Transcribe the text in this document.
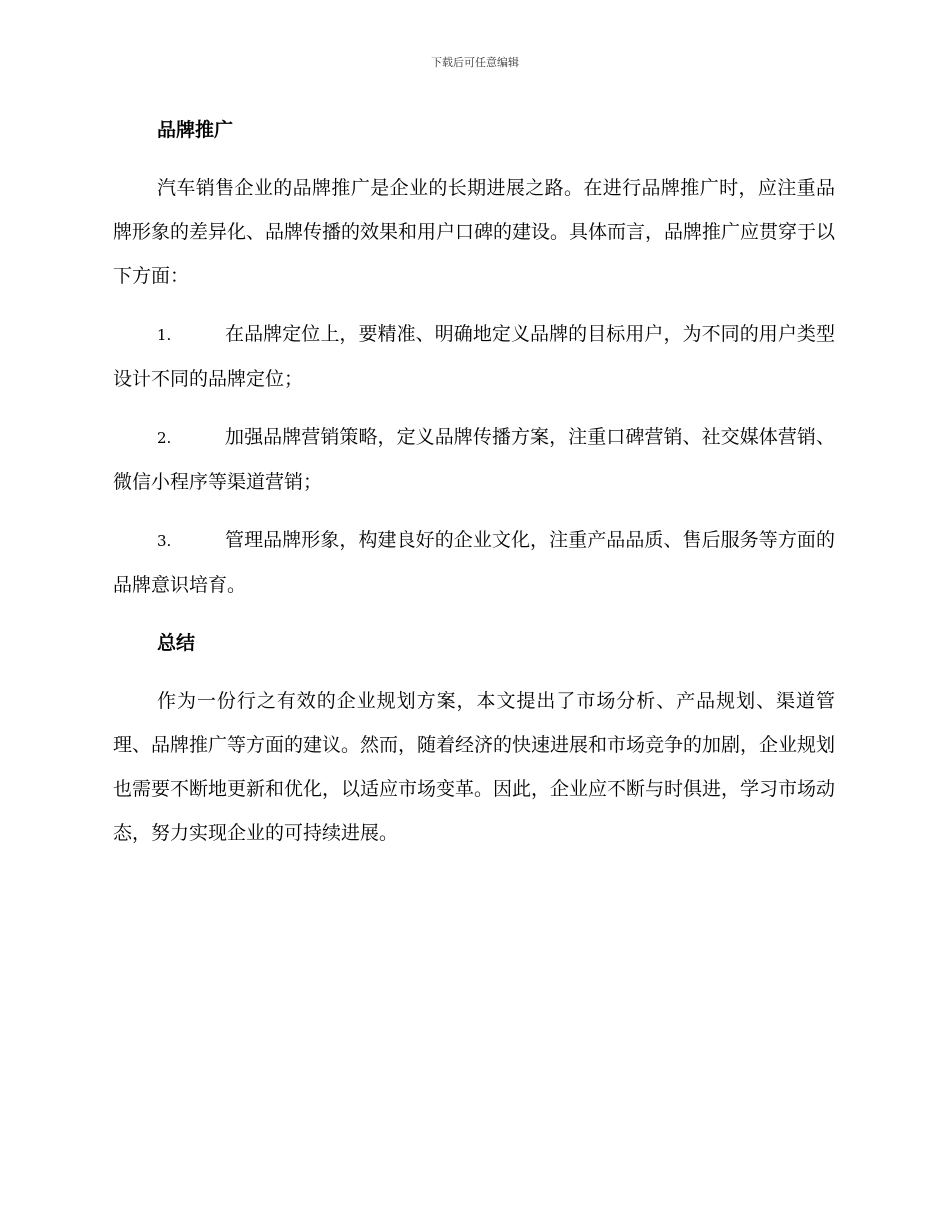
下载后可任意编辑
品牌推广

汽车销售企业的品牌推广是企业的长期进展之路。在进行品牌推广时，应注重品牌形象的差异化、品牌传播的效果和用户口碑的建设。具体而言，品牌推广应贯穿于以下方面：

1.	在品牌定位上，要精准、明确地定义品牌的目标用户，为不同的用户类型设计不同的品牌定位；

2.	加强品牌营销策略，定义品牌传播方案，注重口碑营销、社交媒体营销、微信小程序等渠道营销；

3.	管理品牌形象，构建良好的企业文化，注重产品品质、售后服务等方面的品牌意识培育。

总结

作为一份行之有效的企业规划方案，本文提出了市场分析、产品规划、渠道管理、品牌推广等方面的建议。然而，随着经济的快速进展和市场竞争的加剧，企业规划也需要不断地更新和优化，以适应市场变革。因此，企业应不断与时俱进，学习市场动态，努力实现企业的可持续进展。
